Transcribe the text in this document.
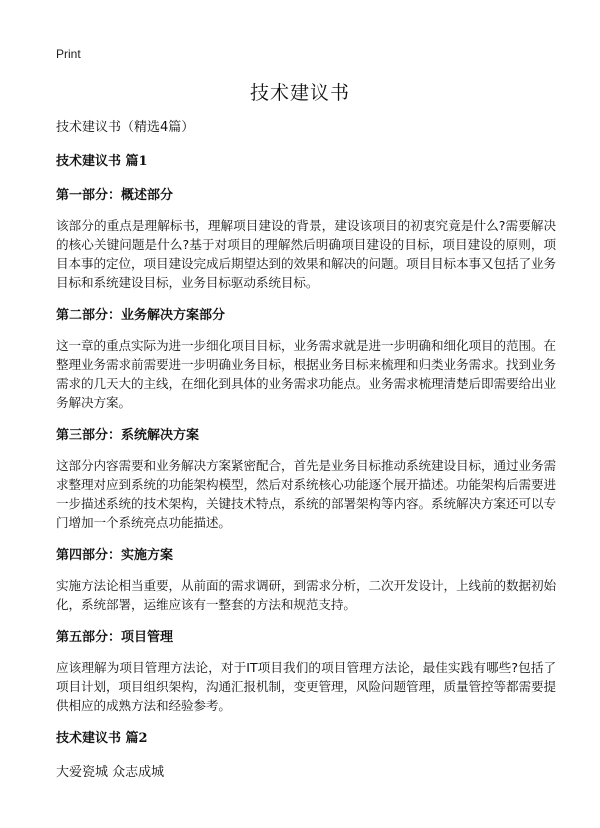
Print
技术建议书

技术建议书（精选4篇）

技术建议书 篇1

第一部分：概述部分

该部分的重点是理解标书，理解项目建设的背景，建设该项目的初衷究竟是什么?需要解决的核心关键问题是什么?基于对项目的理解然后明确项目建设的目标，项目建设的原则，项目本事的定位，项目建设完成后期望达到的效果和解决的问题。项目目标本事又包括了业务目标和系统建设目标，业务目标驱动系统目标。

第二部分：业务解决方案部分

这一章的重点实际为进一步细化项目目标，业务需求就是进一步明确和细化项目的范围。在整理业务需求前需要进一步明确业务目标，根据业务目标来梳理和归类业务需求。找到业务需求的几天大的主线，在细化到具体的业务需求功能点。业务需求梳理清楚后即需要给出业务解决方案。

第三部分：系统解决方案

这部分内容需要和业务解决方案紧密配合，首先是业务目标推动系统建设目标，通过业务需求整理对应到系统的功能架构模型，然后对系统核心功能逐个展开描述。功能架构后需要进一步描述系统的技术架构，关键技术特点，系统的部署架构等内容。系统解决方案还可以专门增加一个系统亮点功能描述。

第四部分：实施方案

实施方法论相当重要，从前面的需求调研，到需求分析，二次开发设计，上线前的数据初始化，系统部署，运维应该有一整套的方法和规范支持。

第五部分：项目管理

应该理解为项目管理方法论，对于IT项目我们的项目管理方法论，最佳实践有哪些?包括了项目计划，项目组织架构，沟通汇报机制，变更管理，风险问题管理，质量管控等都需要提供相应的成熟方法和经验参考。

技术建议书 篇2

大爱瓷城 众志成城
